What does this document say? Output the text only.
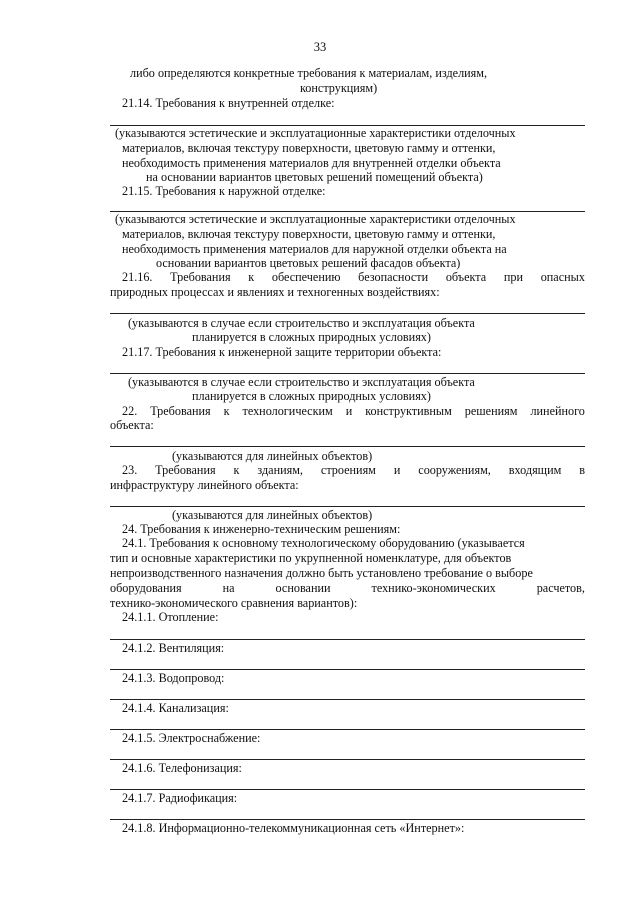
33

либо определяются конкретные требования к материалам, изделиям,

конструкциям)

21.14. Требования к внутренней отделке:

(указываются эстетические и эксплуатационные характеристики отделочных

материалов, включая текстуру поверхности, цветовую гамму и оттенки,

необходимость применения материалов для внутренней отделки объекта

на основании вариантов цветовых решений помещений объекта)

21.15. Требования к наружной отделке:

(указываются эстетические и эксплуатационные характеристики отделочных

материалов, включая текстуру поверхности, цветовую гамму и оттенки,

необходимость применения материалов для наружной отделки объекта на

основании вариантов цветовых решений фасадов объекта)

21.16. Требования к обеспечению безопасности объекта при опасных

природных процессах и явлениях и техногенных воздействиях:

(указываются в случае если строительство и эксплуатация объекта

планируется в сложных природных условиях)

21.17. Требования к инженерной защите территории объекта:

(указываются в случае если строительство и эксплуатация объекта

планируется в сложных природных условиях)

22. Требования к технологическим и конструктивным решениям линейного

объекта:

(указываются для линейных объектов)

23. Требования к зданиям, строениям и сооружениям, входящим в

инфраструктуру линейного объекта:

(указываются для линейных объектов)

24. Требования к инженерно-техническим решениям:

24.1. Требования к основному технологическому оборудованию (указывается

тип и основные характеристики по укрупненной номенклатуре, для объектов

непроизводственного назначения должно быть установлено требование о выборе

оборудования	на	основании	технико-экономических	расчетов,

технико-экономического сравнения вариантов):

24.1.1. Отопление:

24.1.2. Вентиляция:

24.1.3. Водопровод:

24.1.4. Канализация:

24.1.5. Электроснабжение:

24.1.6. Телефонизация:

24.1.7. Радиофикация:

24.1.8. Информационно-телекоммуникационная сеть «Интернет»:
